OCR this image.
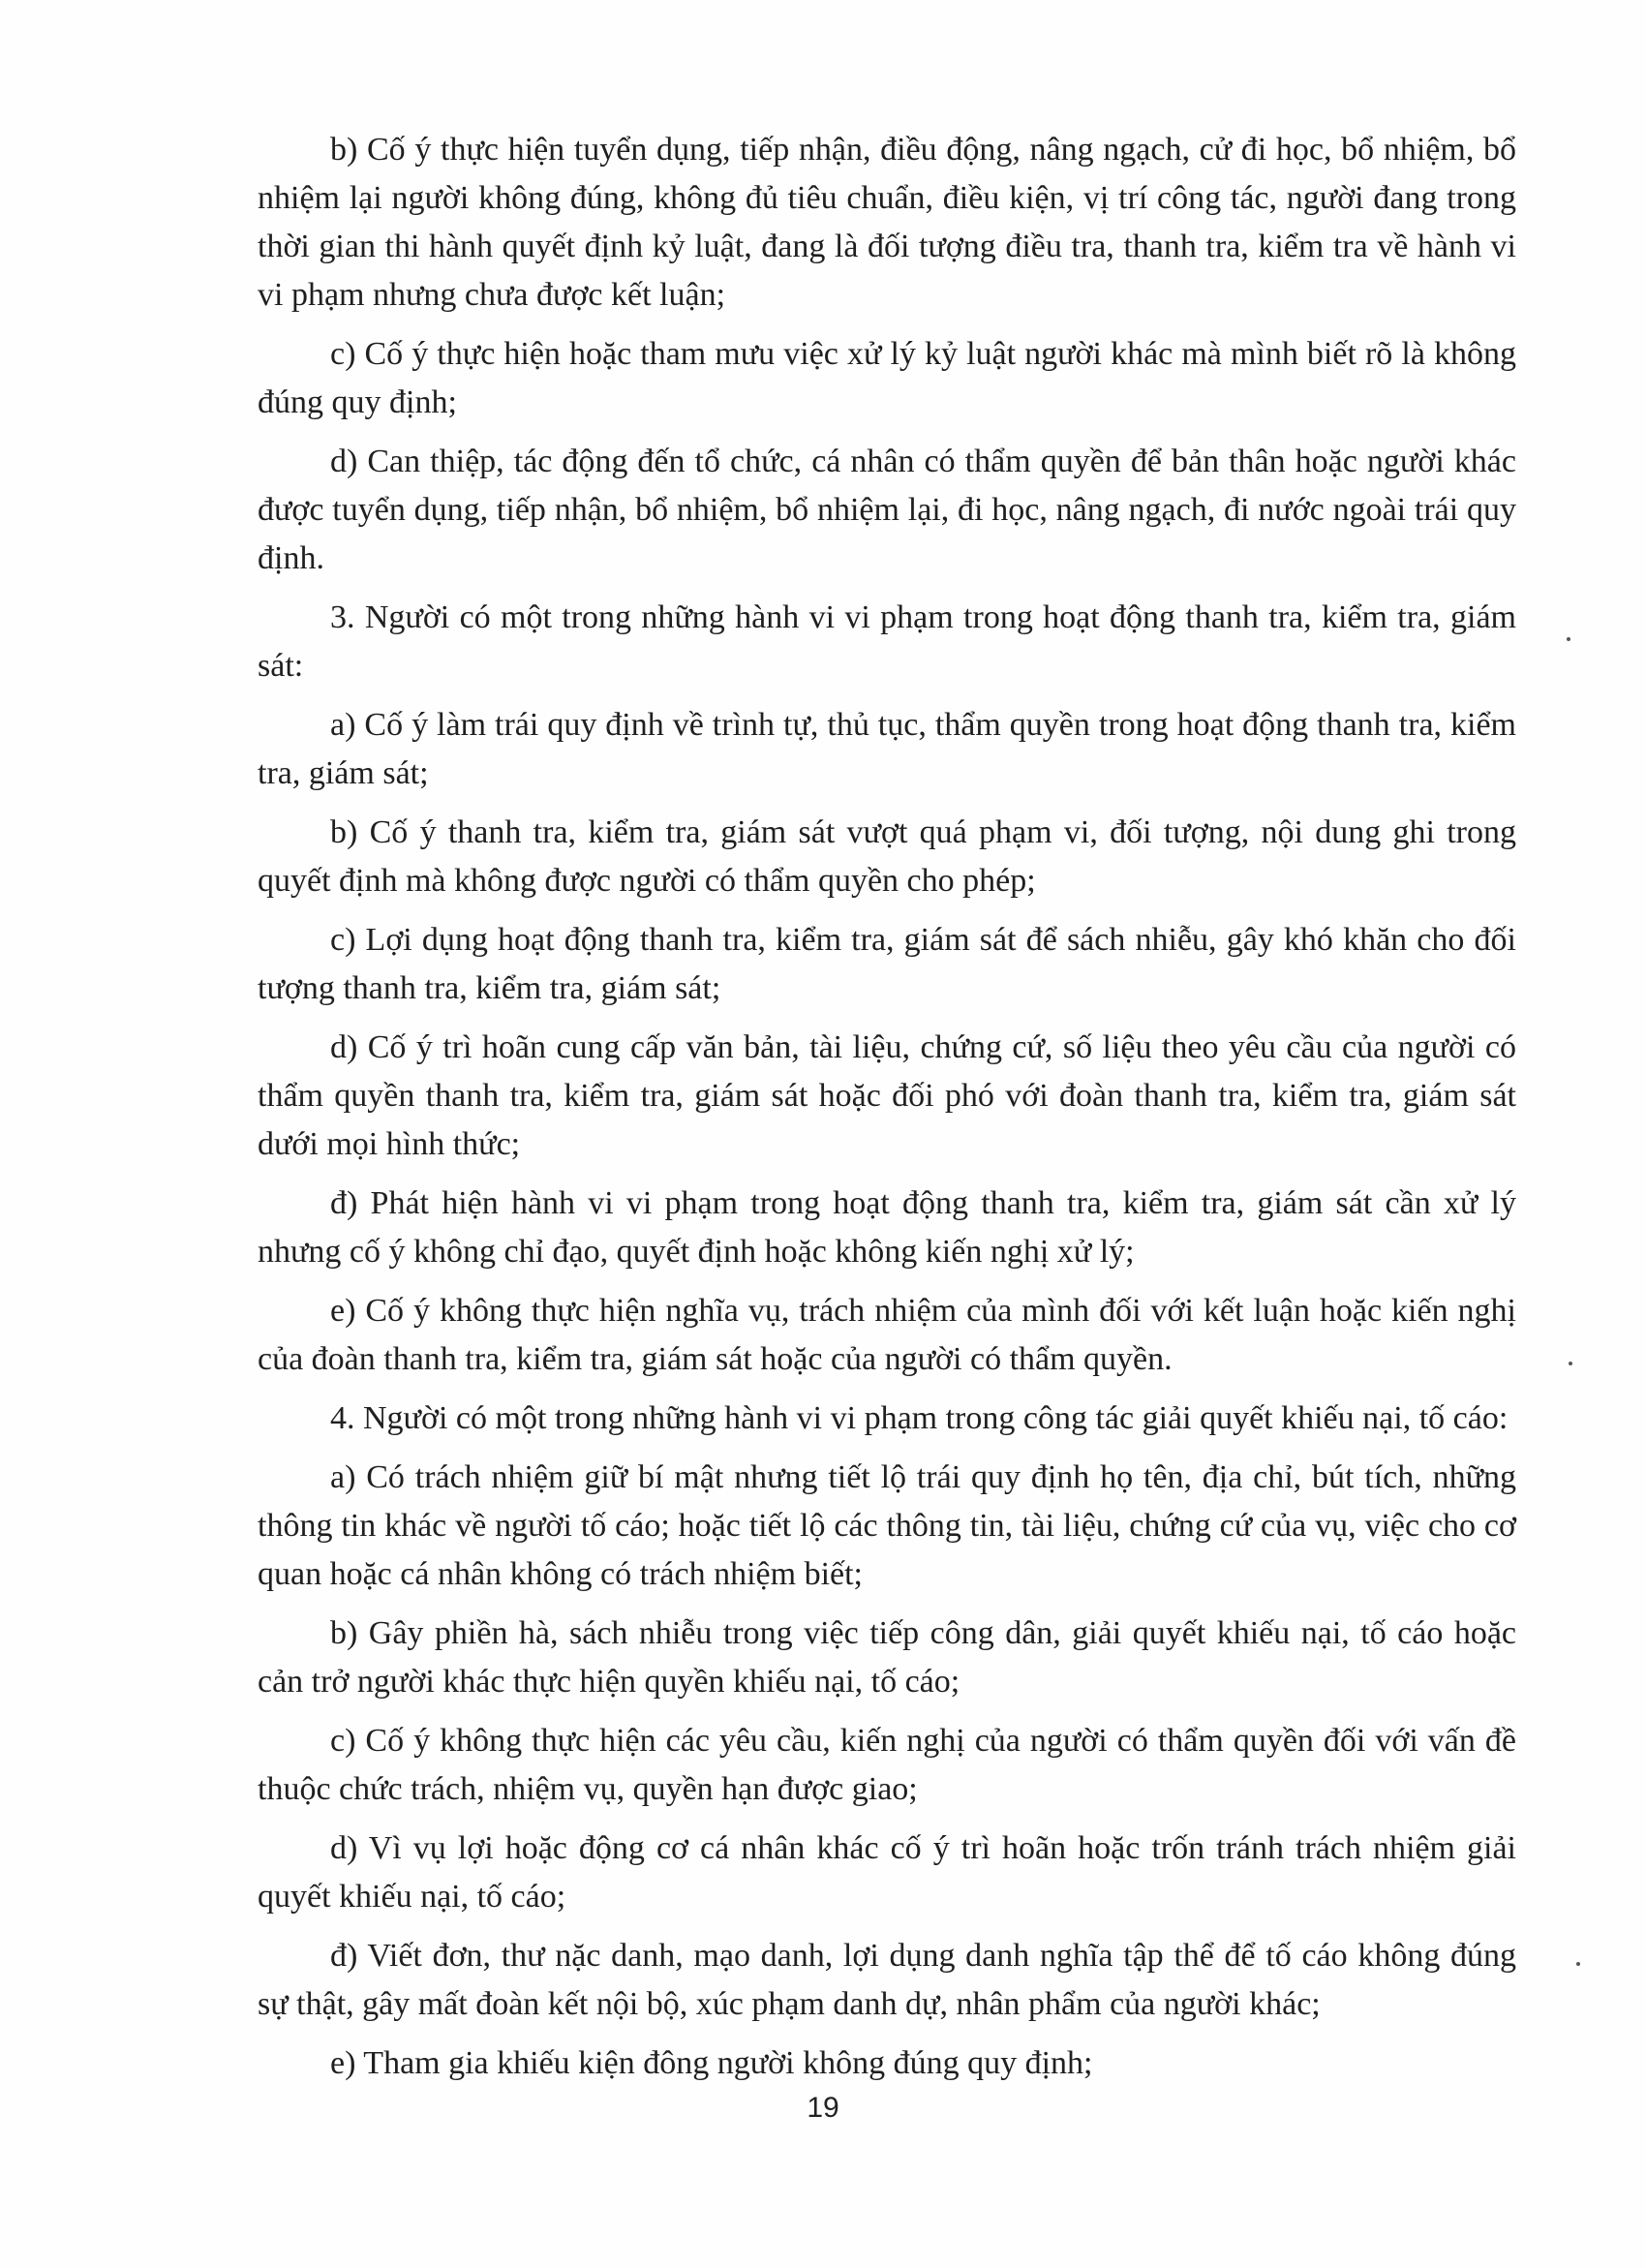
b) Cố ý thực hiện tuyển dụng, tiếp nhận, điều động, nâng ngạch, cử đi học, bổ nhiệm, bổ nhiệm lại người không đúng, không đủ tiêu chuẩn, điều kiện, vị trí công tác, người đang trong thời gian thi hành quyết định kỷ luật, đang là đối tượng điều tra, thanh tra, kiểm tra về hành vi vi phạm nhưng chưa được kết luận;

c) Cố ý thực hiện hoặc tham mưu việc xử lý kỷ luật người khác mà mình biết rõ là không đúng quy định;

d) Can thiệp, tác động đến tổ chức, cá nhân có thẩm quyền để bản thân hoặc người khác được tuyển dụng, tiếp nhận, bổ nhiệm, bổ nhiệm lại, đi học, nâng ngạch, đi nước ngoài trái quy định.

3. Người có một trong những hành vi vi phạm trong hoạt động thanh tra, kiểm tra, giám sát:

a) Cố ý làm trái quy định về trình tự, thủ tục, thẩm quyền trong hoạt động thanh tra, kiểm tra, giám sát;

b) Cố ý thanh tra, kiểm tra, giám sát vượt quá phạm vi, đối tượng, nội dung ghi trong quyết định mà không được người có thẩm quyền cho phép;

c) Lợi dụng hoạt động thanh tra, kiểm tra, giám sát để sách nhiễu, gây khó khăn cho đối tượng thanh tra, kiểm tra, giám sát;

d) Cố ý trì hoãn cung cấp văn bản, tài liệu, chứng cứ, số liệu theo yêu cầu của người có thẩm quyền thanh tra, kiểm tra, giám sát hoặc đối phó với đoàn thanh tra, kiểm tra, giám sát dưới mọi hình thức;

đ) Phát hiện hành vi vi phạm trong hoạt động thanh tra, kiểm tra, giám sát cần xử lý nhưng cố ý không chỉ đạo, quyết định hoặc không kiến nghị xử lý;

e) Cố ý không thực hiện nghĩa vụ, trách nhiệm của mình đối với kết luận hoặc kiến nghị của đoàn thanh tra, kiểm tra, giám sát hoặc của người có thẩm quyền.

4. Người có một trong những hành vi vi phạm trong công tác giải quyết khiếu nại, tố cáo:

a) Có trách nhiệm giữ bí mật nhưng tiết lộ trái quy định họ tên, địa chỉ, bút tích, những thông tin khác về người tố cáo; hoặc tiết lộ các thông tin, tài liệu, chứng cứ của vụ, việc cho cơ quan hoặc cá nhân không có trách nhiệm biết;

b) Gây phiền hà, sách nhiễu trong việc tiếp công dân, giải quyết khiếu nại, tố cáo hoặc cản trở người khác thực hiện quyền khiếu nại, tố cáo;

c) Cố ý không thực hiện các yêu cầu, kiến nghị của người có thẩm quyền đối với vấn đề thuộc chức trách, nhiệm vụ, quyền hạn được giao;

d) Vì vụ lợi hoặc động cơ cá nhân khác cố ý trì hoãn hoặc trốn tránh trách nhiệm giải quyết khiếu nại, tố cáo;

đ) Viết đơn, thư nặc danh, mạo danh, lợi dụng danh nghĩa tập thể để tố cáo không đúng sự thật, gây mất đoàn kết nội bộ, xúc phạm danh dự, nhân phẩm của người khác;

e) Tham gia khiếu kiện đông người không đúng quy định;

19
